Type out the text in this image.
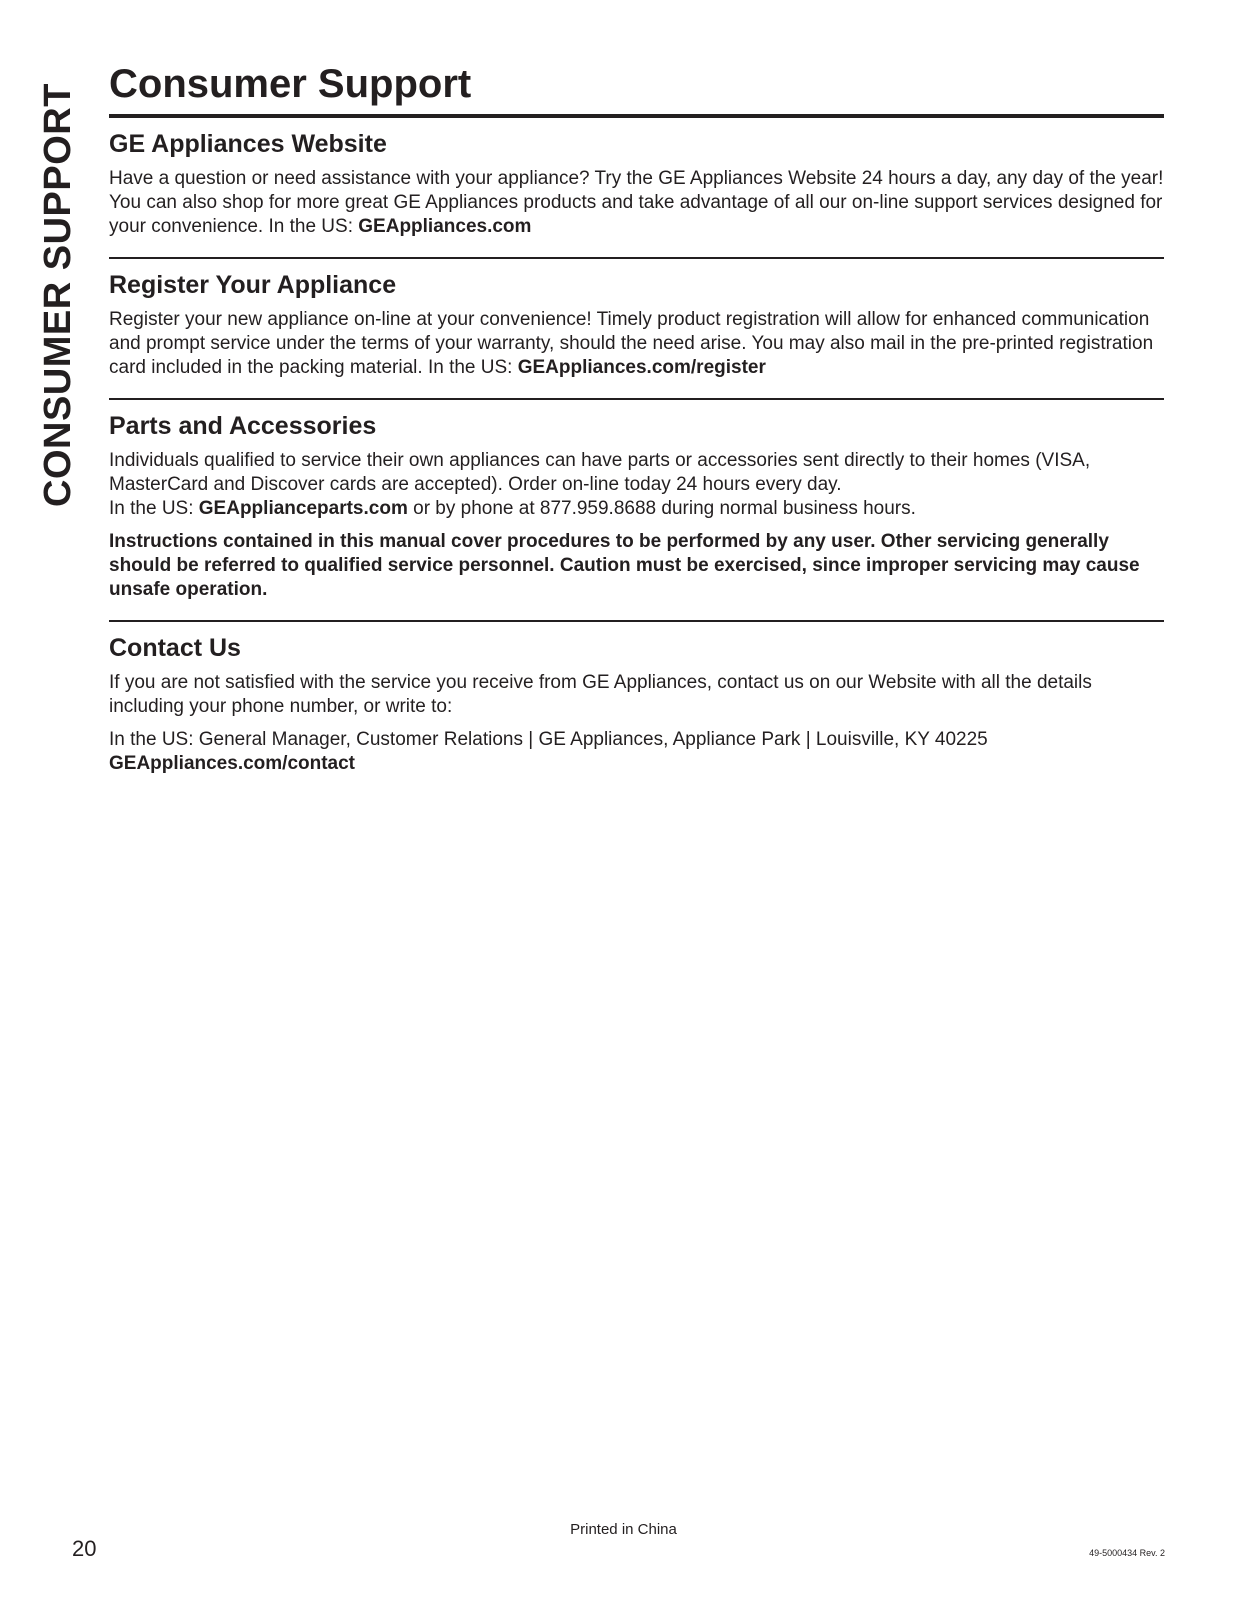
CONSUMER SUPPORT Consumer Support
GE Appliances Website

Have a question or need assistance with your appliance? Try the GE Appliances Website 24 hours a day, any day of the year! You can also shop for more great GE Appliances products and take advantage of all our on-line support services designed for your convenience. In the US: GEAppliances.com

Register Your Appliance

Register your new appliance on-line at your convenience! Timely product registration will allow for enhanced communication and prompt service under the terms of your warranty, should the need arise. You may also mail in the pre-printed registration card included in the packing material. In the US: GEAppliances.com/register

Parts and Accessories

Individuals qualified to service their own appliances can have parts or accessories sent directly to their homes (VISA, MasterCard and Discover cards are accepted). Order on-line today 24 hours every day.
In the US: GEApplianceparts.com or by phone at 877.959.8688 during normal business hours.

Instructions contained in this manual cover procedures to be performed by any user. Other servicing generally should be referred to qualified service personnel. Caution must be exercised, since improper servicing may cause unsafe operation.

Contact Us

If you are not satisfied with the service you receive from GE Appliances, contact us on our Website with all the details including your phone number, or write to:

In the US: General Manager, Customer Relations | GE Appliances, Appliance Park | Louisville, KY 40225
GEAppliances.com/contact

20
Printed in China
49-5000434 Rev. 2
